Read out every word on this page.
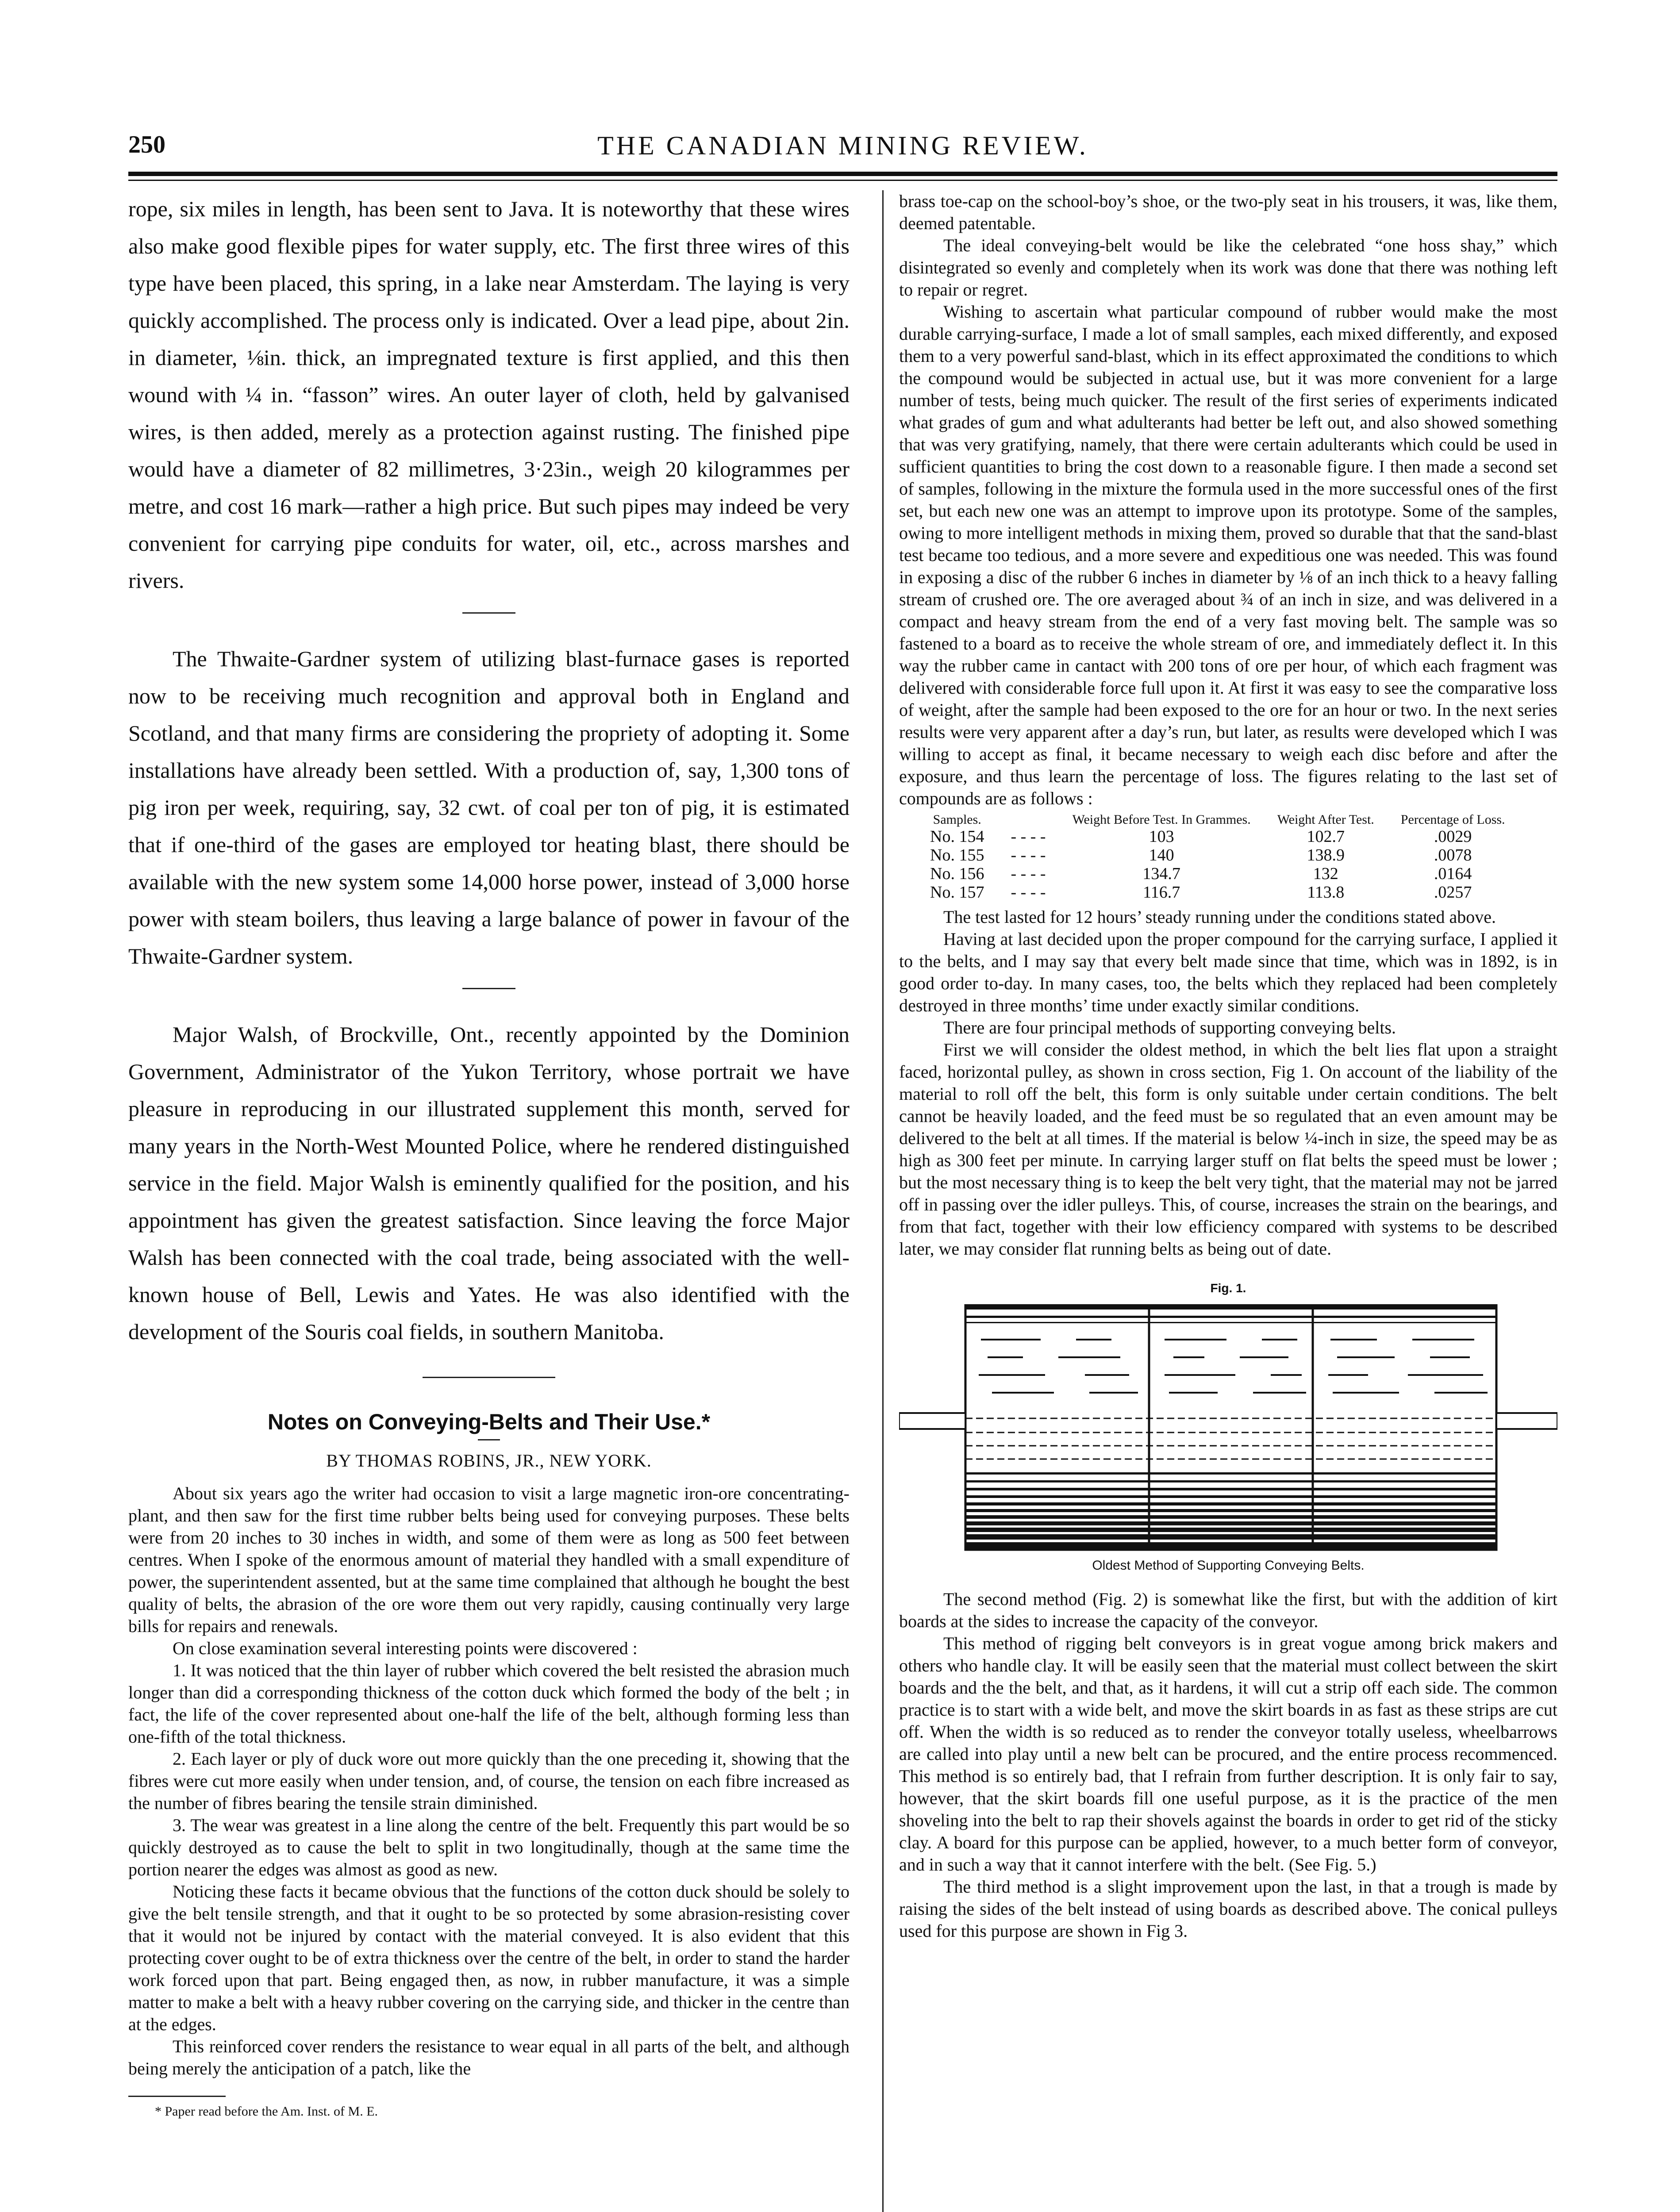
250	THE CANADIAN MINING REVIEW.

rope, six miles in length, has been sent to Java. It is noteworthy that these wires also make good flexible pipes for water supply, etc. The first three wires of this type have been placed, this spring, in a lake near Amsterdam. The laying is very quickly accomplished. The process only is indicated. Over a lead pipe, about 2in. in diameter, ⅛in. thick, an impregnated texture is first applied, and this then wound with ¼ in. “fasson” wires. An outer layer of cloth, held by galvanised wires, is then added, merely as a protection against rusting. The finished pipe would have a diameter of 82 millimetres, 3·23in., weigh 20 kilogrammes per metre, and cost 16 mark—rather a high price. But such pipes may indeed be very convenient for carrying pipe conduits for water, oil, etc., across marshes and rivers.

The Thwaite-Gardner system of utilizing blast-furnace gases is reported now to be receiving much recognition and approval both in England and Scotland, and that many firms are considering the propriety of adopting it. Some installations have already been settled. With a production of, say, 1,300 tons of pig iron per week, requiring, say, 32 cwt. of coal per ton of pig, it is estimated that if one-third of the gases are employed tor heating blast, there should be available with the new system some 14,000 horse power, instead of 3,000 horse power with steam boilers, thus leaving a large balance of power in favour of the Thwaite-Gardner system.

Major Walsh, of Brockville, Ont., recently appointed by the Dominion Government, Administrator of the Yukon Territory, whose portrait we have pleasure in reproducing in our illustrated supplement this month, served for many years in the North-West Mounted Police, where he rendered distinguished service in the field. Major Walsh is eminently qualified for the position, and his appointment has given the greatest satisfaction. Since leaving the force Major Walsh has been connected with the coal trade, being associated with the well-known house of Bell, Lewis and Yates. He was also identified with the development of the Souris coal fields, in southern Manitoba.

Notes on Conveying-Belts and Their Use.*

BY THOMAS ROBINS, JR., NEW YORK.

About six years ago the writer had occasion to visit a large magnetic iron-ore concentrating-plant, and then saw for the first time rubber belts being used for conveying purposes. These belts were from 20 inches to 30 inches in width, and some of them were as long as 500 feet between centres. When I spoke of the enormous amount of material they handled with a small expenditure of power, the superintendent assented, but at the same time complained that although he bought the best quality of belts, the abrasion of the ore wore them out very rapidly, causing continually very large bills for repairs and renewals.

On close examination several interesting points were discovered :

1. It was noticed that the thin layer of rubber which covered the belt resisted the abrasion much longer than did a corresponding thickness of the cotton duck which formed the body of the belt ; in fact, the life of the cover represented about one-half the life of the belt, although forming less than one-fifth of the total thickness.

2. Each layer or ply of duck wore out more quickly than the one preceding it, showing that the fibres were cut more easily when under tension, and, of course, the tension on each fibre increased as the number of fibres bearing the tensile strain diminished.

3. The wear was greatest in a line along the centre of the belt. Frequently this part would be so quickly destroyed as to cause the belt to split in two longitudinally, though at the same time the portion nearer the edges was almost as good as new.

Noticing these facts it became obvious that the functions of the cotton duck should be solely to give the belt tensile strength, and that it ought to be so protected by some abrasion-resisting cover that it would not be injured by contact with the material conveyed. It is also evident that this protecting cover ought to be of extra thickness over the centre of the belt, in order to stand the harder work forced upon that part. Being engaged then, as now, in rubber manufacture, it was a simple matter to make a belt with a heavy rubber covering on the carrying side, and thicker in the centre than at the edges.

This reinforced cover renders the resistance to wear equal in all parts of the belt, and although being merely the anticipation of a patch, like the

* Paper read before the Am. Inst. of M. E.

brass toe-cap on the school-boy’s shoe, or the two-ply seat in his trousers, it was, like them, deemed patentable.

The ideal conveying-belt would be like the celebrated “one hoss shay,” which disintegrated so evenly and completely when its work was done that there was nothing left to repair or regret.

Wishing to ascertain what particular compound of rubber would make the most durable carrying-surface, I made a lot of small samples, each mixed differently, and exposed them to a very powerful sand-blast, which in its effect approximated the conditions to which the compound would be subjected in actual use, but it was more convenient for a large number of tests, being much quicker. The result of the first series of experiments indicated what grades of gum and what adulterants had better be left out, and also showed something that was very gratifying, namely, that there were certain adulterants which could be used in sufficient quantities to bring the cost down to a reasonable figure. I then made a second set of samples, following in the mixture the formula used in the more successful ones of the first set, but each new one was an attempt to improve upon its prototype. Some of the samples, owing to more intelligent methods in mixing them, proved so durable that that the sand-blast test became too tedious, and a more severe and expeditious one was needed. This was found in exposing a disc of the rubber 6 inches in diameter by ⅛ of an inch thick to a heavy falling stream of crushed ore. The ore averaged about ¾ of an inch in size, and was delivered in a compact and heavy stream from the end of a very fast moving belt. The sample was so fastened to a board as to receive the whole stream of ore, and immediately deflect it. In this way the rubber came in cantact with 200 tons of ore per hour, of which each fragment was delivered with considerable force full upon it. At first it was easy to see the comparative loss of weight, after the sample had been exposed to the ore for an hour or two. In the next series results were very apparent after a day’s run, but later, as results were developed which I was willing to accept as final, it became necessary to weigh each disc before and after the exposure, and thus learn the percentage of loss. The figures relating to the last set of compounds are as follows :

Samples.		Weight Before Test. In Grammes.	Weight After Test.	Percentage of Loss.
No. 154	- - - -	103	102.7	.0029
No. 155	- - - -	140	138.9	.0078
No. 156	- - - -	134.7	132	.0164
No. 157	- - - -	116.7	113.8	.0257

The test lasted for 12 hours’ steady running under the conditions stated above.

Having at last decided upon the proper compound for the carrying surface, I applied it to the belts, and I may say that every belt made since that time, which was in 1892, is in good order to-day. In many cases, too, the belts which they replaced had been completely destroyed in three months’ time under exactly similar conditions.

There are four principal methods of supporting conveying belts.

First we will consider the oldest method, in which the belt lies flat upon a straight faced, horizontal pulley, as shown in cross section, Fig 1. On account of the liability of the material to roll off the belt, this form is only suitable under certain conditions. The belt cannot be heavily loaded, and the feed must be so regulated that an even amount may be delivered to the belt at all times. If the material is below ¼-inch in size, the speed may be as high as 300 feet per minute. In carrying larger stuff on flat belts the speed must be lower ; but the most necessary thing is to keep the belt very tight, that the material may not be jarred off in passing over the idler pulleys. This, of course, increases the strain on the bearings, and from that fact, together with their low efficiency compared with systems to be described later, we may consider flat running belts as being out of date.

Fig. 1.
Oldest Method of Supporting Conveying Belts.

The second method (Fig. 2) is somewhat like the first, but with the addition of kirt boards at the sides to increase the capacity of the conveyor.

This method of rigging belt conveyors is in great vogue among brick makers and others who handle clay. It will be easily seen that the material must collect between the skirt boards and the the belt, and that, as it hardens, it will cut a strip off each side. The common practice is to start with a wide belt, and move the skirt boards in as fast as these strips are cut off. When the width is so reduced as to render the conveyor totally useless, wheelbarrows are called into play until a new belt can be procured, and the entire process recommenced. This method is so entirely bad, that I refrain from further description. It is only fair to say, however, that the skirt boards fill one useful purpose, as it is the practice of the men shoveling into the belt to rap their shovels against the boards in order to get rid of the sticky clay. A board for this purpose can be applied, however, to a much better form of conveyor, and in such a way that it cannot interfere with the belt. (See Fig. 5.)

The third method is a slight improvement upon the last, in that a trough is made by raising the sides of the belt instead of using boards as described above. The conical pulleys used for this purpose are shown in Fig 3.
